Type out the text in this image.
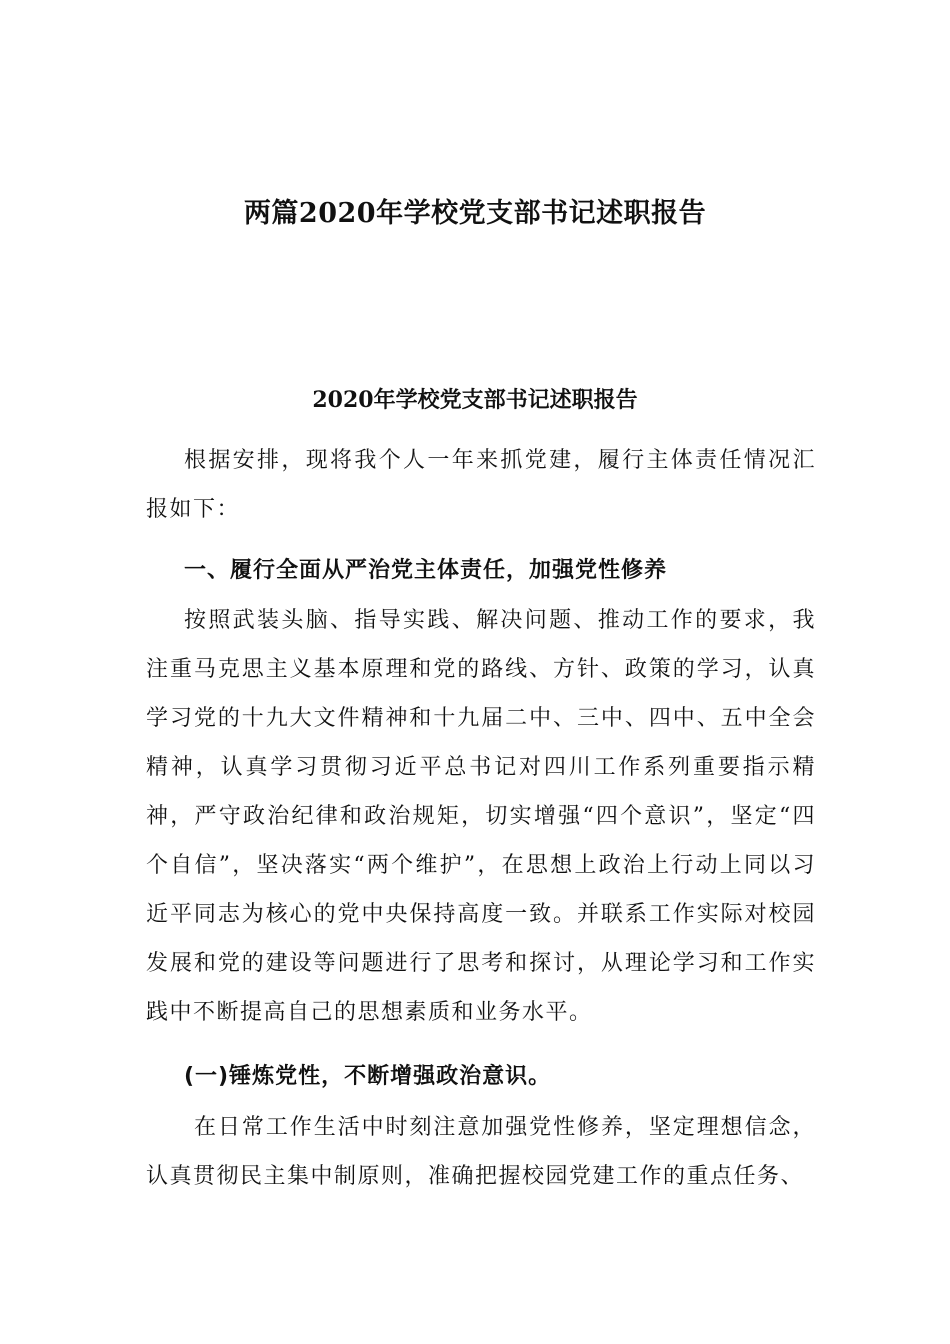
两篇2020年学校党支部书记述职报告
2020年学校党支部书记述职报告
根据安排，现将我个人一年来抓党建，履行主体责任情况汇报如下：
一、履行全面从严治党主体责任，加强党性修养
按照武装头脑、指导实践、解决问题、推动工作的要求，我注重马克思主义基本原理和党的路线、方针、政策的学习，认真学习党的十九大文件精神和十九届二中、三中、四中、五中全会精神，认真学习贯彻习近平总书记对四川工作系列重要指示精神，严守政治纪律和政治规矩，切实增强“四个意识”，坚定“四个自信”，坚决落实“两个维护”，在思想上政治上行动上同以习近平同志为核心的党中央保持高度一致。并联系工作实际对校园发展和党的建设等问题进行了思考和探讨，从理论学习和工作实践中不断提高自己的思想素质和业务水平。
(一)锤炼党性，不断增强政治意识。
在日常工作生活中时刻注意加强党性修养，坚定理想信念，认真贯彻民主集中制原则，准确把握校园党建工作的重点任务、
